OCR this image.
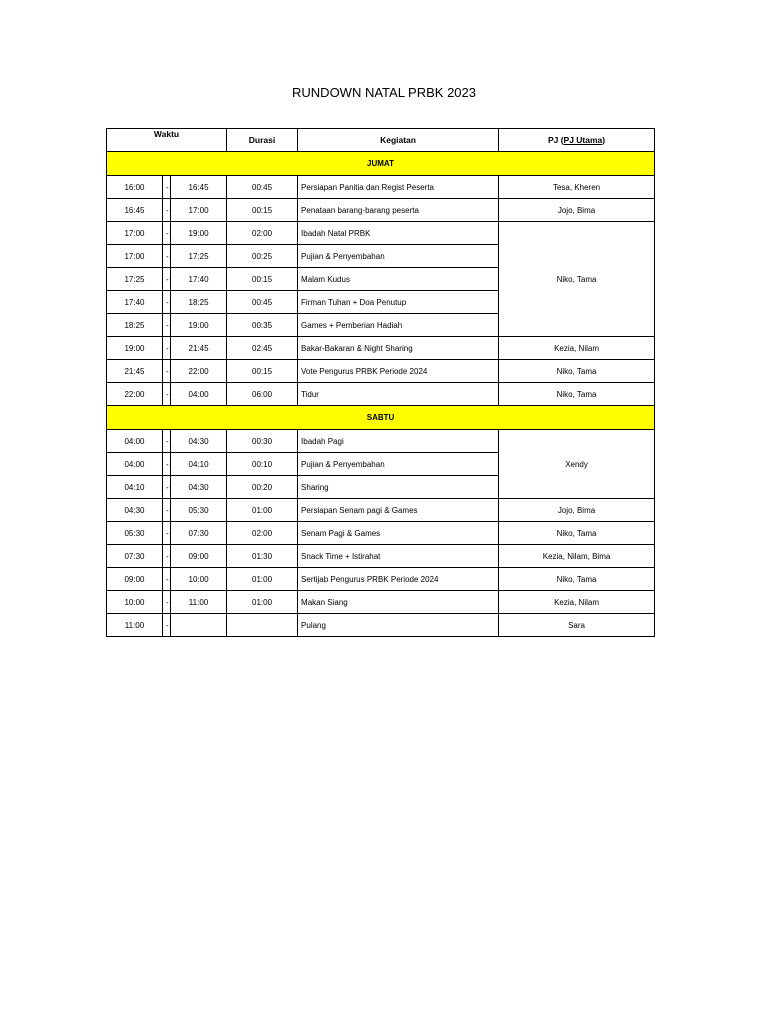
RUNDOWN NATAL PRBK 2023
Waktu			Durasi	Kegiatan	PJ (PJ Utama)
JUMAT					
16:00	-	16:45	00:45	Persiapan Panitia dan Regist Peserta	Tesa, Kheren
16:45	-	17:00	00:15	Penataan barang-barang peserta	Jojo, Bima
17:00	-	19:00	02:00	Ibadah Natal PRBK	Niko, Tama
17:00	-	17:25	00:25	Pujian & Penyembahan	
17:25	-	17:40	00:15	Malam Kudus	
17:40	-	18:25	00:45	Firman Tuhan + Doa Penutup	
18:25	-	19:00	00:35	Games + Pemberian Hadiah	
19:00	-	21:45	02:45	Bakar-Bakaran & Night Sharing	Kezia, Nilam
21:45	-	22:00	00:15	Vote Pengurus PRBK Periode 2024	Niko, Tama
22:00	-	04:00	06:00	Tidur	Niko, Tama
SABTU					
04:00	-	04:30	00:30	Ibadah Pagi	Xendy
04:00	-	04:10	00:10	Pujian & Penyembahan	
04:10	-	04:30	00:20	Sharing	
04:30	-	05:30	01:00	Persiapan Senam pagi & Games	Jojo, Bima
05:30	-	07:30	02:00	Senam Pagi & Games	Niko, Tama
07:30	-	09:00	01:30	Snack Time + Istirahat	Kezia, Nilam, Bima
09:00	-	10:00	01:00	Sertijab Pengurus PRBK Periode 2024	Niko, Tama
10:00	-	11:00	01:00	Makan Siang	Kezia, Nilam
11:00	-			Pulang	Sara
